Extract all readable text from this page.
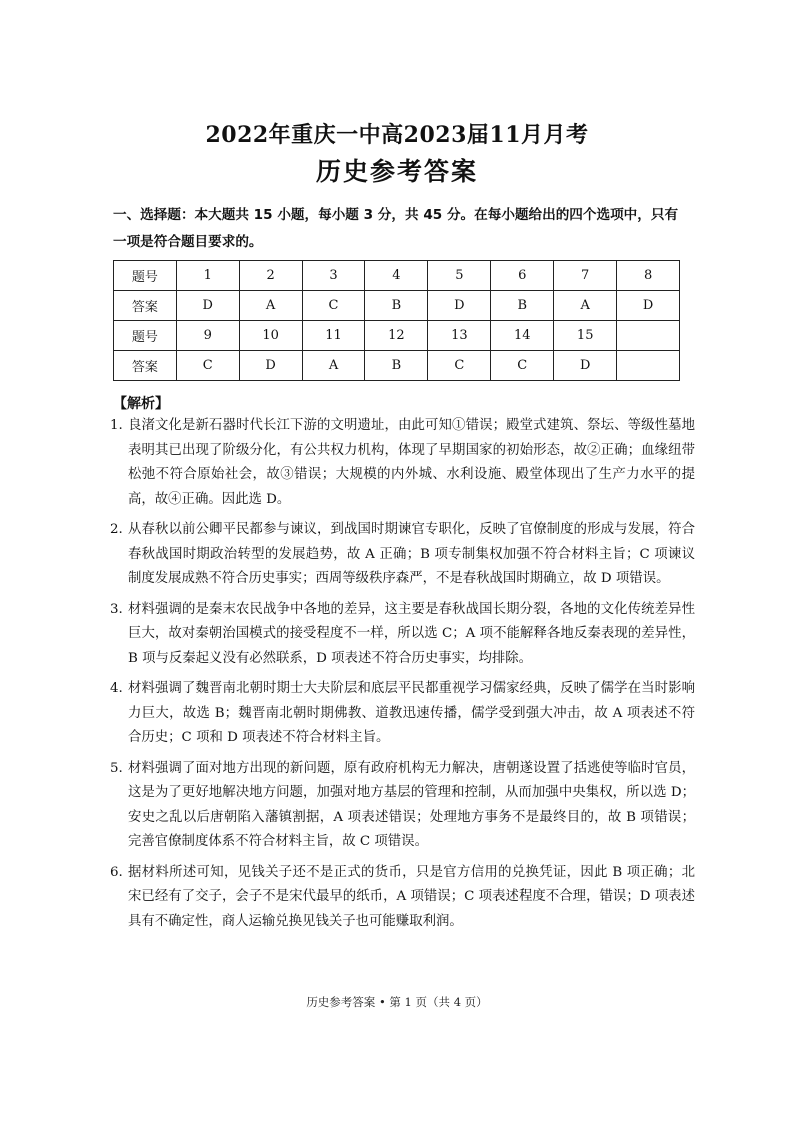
2022年重庆一中高2023届11月月考
历史参考答案
一、选择题：本大题共 15 小题，每小题 3 分，共 45 分。在每小题给出的四个选项中，只有一项是符合题目要求的。
题号	1	2	3	4	5	6	7	8
答案	D	A	C	B	D	B	A	D
题号	9	10	11	12	13	14	15	
答案	C	D	A	B	C	C	D	
【解析】
1. 良渚文化是新石器时代长江下游的文明遗址，由此可知①错误；殿堂式建筑、祭坛、等级性墓地表明其已出现了阶级分化，有公共权力机构，体现了早期国家的初始形态，故②正确；血缘纽带松弛不符合原始社会，故③错误；大规模的内外城、水利设施、殿堂体现出了生产力水平的提高，故④正确。因此选 D。
2. 从春秋以前公卿平民都参与谏议，到战国时期谏官专职化，反映了官僚制度的形成与发展，符合春秋战国时期政治转型的发展趋势，故 A 正确；B 项专制集权加强不符合材料主旨；C 项谏议制度发展成熟不符合历史事实；西周等级秩序森严，不是春秋战国时期确立，故 D 项错误。
3. 材料强调的是秦末农民战争中各地的差异，这主要是春秋战国长期分裂，各地的文化传统差异性巨大，故对秦朝治国模式的接受程度不一样，所以选 C；A 项不能解释各地反秦表现的差异性，B 项与反秦起义没有必然联系，D 项表述不符合历史事实，均排除。
4. 材料强调了魏晋南北朝时期士大夫阶层和底层平民都重视学习儒家经典，反映了儒学在当时影响力巨大，故选 B；魏晋南北朝时期佛教、道教迅速传播，儒学受到强大冲击，故 A 项表述不符合历史；C 项和 D 项表述不符合材料主旨。
5. 材料强调了面对地方出现的新问题，原有政府机构无力解决，唐朝遂设置了括逃使等临时官员，这是为了更好地解决地方问题，加强对地方基层的管理和控制，从而加强中央集权，所以选 D；安史之乱以后唐朝陷入藩镇割据，A 项表述错误；处理地方事务不是最终目的，故 B 项错误；完善官僚制度体系不符合材料主旨，故 C 项错误。
6. 据材料所述可知，见钱关子还不是正式的货币，只是官方信用的兑换凭证，因此 B 项正确；北宋已经有了交子，会子不是宋代最早的纸币，A 项错误；C 项表述程度不合理，错误；D 项表述具有不确定性，商人运输兑换见钱关子也可能赚取利润。
历史参考答案 • 第 1 页（共 4 页）
